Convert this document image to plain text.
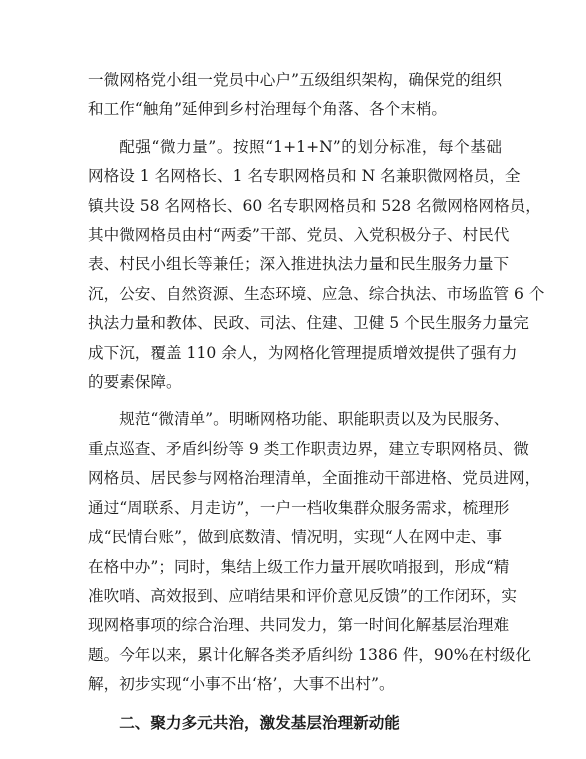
一微网格党小组一党员中心户”五级组织架构，确保党的组织
和工作“触角”延伸到乡村治理每个角落、各个末梢。

配强“微力量”。按照“1+1+N”的划分标准，每个基础
网格设 1 名网格长、1 名专职网格员和 N 名兼职微网格员，全
镇共设 58 名网格长、60 名专职网格员和 528 名微网格网格员，
其中微网格员由村“两委”干部、党员、入党积极分子、村民代
表、村民小组长等兼任；深入推进执法力量和民生服务力量下
沉，公安、自然资源、生态环境、应急、综合执法、市场监管 6 个
执法力量和教体、民政、司法、住建、卫健 5 个民生服务力量完
成下沉，覆盖 110 余人，为网格化管理提质增效提供了强有力
的要素保障。

规范“微清单”。明晰网格功能、职能职责以及为民服务、
重点巡查、矛盾纠纷等 9 类工作职责边界，建立专职网格员、微
网格员、居民参与网格治理清单，全面推动干部进格、党员进网，
通过“周联系、月走访”，一户一档收集群众服务需求，梳理形
成“民情台账”，做到底数清、情况明，实现“人在网中走、事
在格中办”；同时，集结上级工作力量开展吹哨报到，形成“精
准吹哨、高效报到、应哨结果和评价意见反馈”的工作闭环，实
现网格事项的综合治理、共同发力，第一时间化解基层治理难
题。今年以来，累计化解各类矛盾纠纷 1386 件，90%在村级化
解，初步实现“小事不出‘格’，大事不出村”。

二、聚力多元共治，激发基层治理新动能
